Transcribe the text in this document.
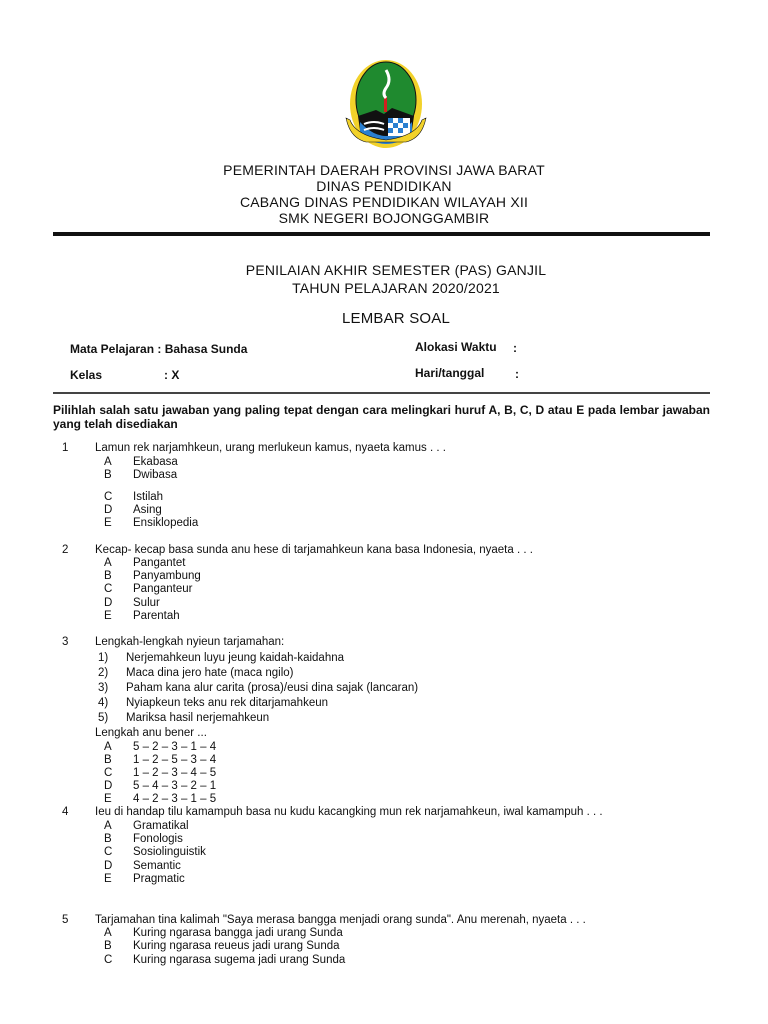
PEMERINTAH DAERAH PROVINSI JAWA BARAT
DINAS PENDIDIKAN
CABANG DINAS PENDIDIKAN WILAYAH XII
SMK NEGERI BOJONGGAMBIR
PENILAIAN AKHIR SEMESTER (PAS) GANJIL
TAHUN PELAJARAN 2020/2021
LEMBAR SOAL
Mata Pelajaran : Bahasa Sunda
Kelas	: X
Alokasi Waktu :
Hari/tanggal	:
Pilihlah salah satu jawaban yang paling tepat dengan cara melingkari huruf A, B, C, D atau E pada lembar jawaban yang telah disediakan
1 Lamun rek narjamhkeun, urang merlukeun kamus, nyaeta kamus . . .
A Ekabasa
B Dwibasa
C Istilah
D Asing
E Ensiklopedia
2 Kecap- kecap basa sunda anu hese di tarjamahkeun kana basa Indonesia, nyaeta . . .
A Pangantet
B Panyambung
C Panganteur
D Sulur
E Parentah
3 Lengkah-lengkah nyieun tarjamahan:
1) Nerjemahkeun luyu jeung kaidah-kaidahna
2) Maca dina jero hate (maca ngilo)
3) Paham kana alur carita (prosa)/eusi dina sajak (lancaran)
4) Nyiapkeun teks anu rek ditarjamahkeun
5) Mariksa hasil nerjemahkeun
Lengkah anu bener ...
A 5 – 2 – 3 – 1 – 4
B 1 – 2 – 5 – 3 – 4
C 1 – 2 – 3 – 4 – 5
D 5 – 4 – 3 – 2 – 1
E 4 – 2 – 3 – 1 – 5
4 Ieu di handap tilu kamampuh basa nu kudu kacangking mun rek narjamahkeun, iwal kamampuh . . .
A Gramatikal
B Fonologis
C Sosiolinguistik
D Semantic
E Pragmatic
5 Tarjamahan tina kalimah "Saya merasa bangga menjadi orang sunda". Anu merenah, nyaeta . . .
A Kuring ngarasa bangga jadi urang Sunda
B Kuring ngarasa reueus jadi urang Sunda
C Kuring ngarasa sugema jadi urang Sunda
